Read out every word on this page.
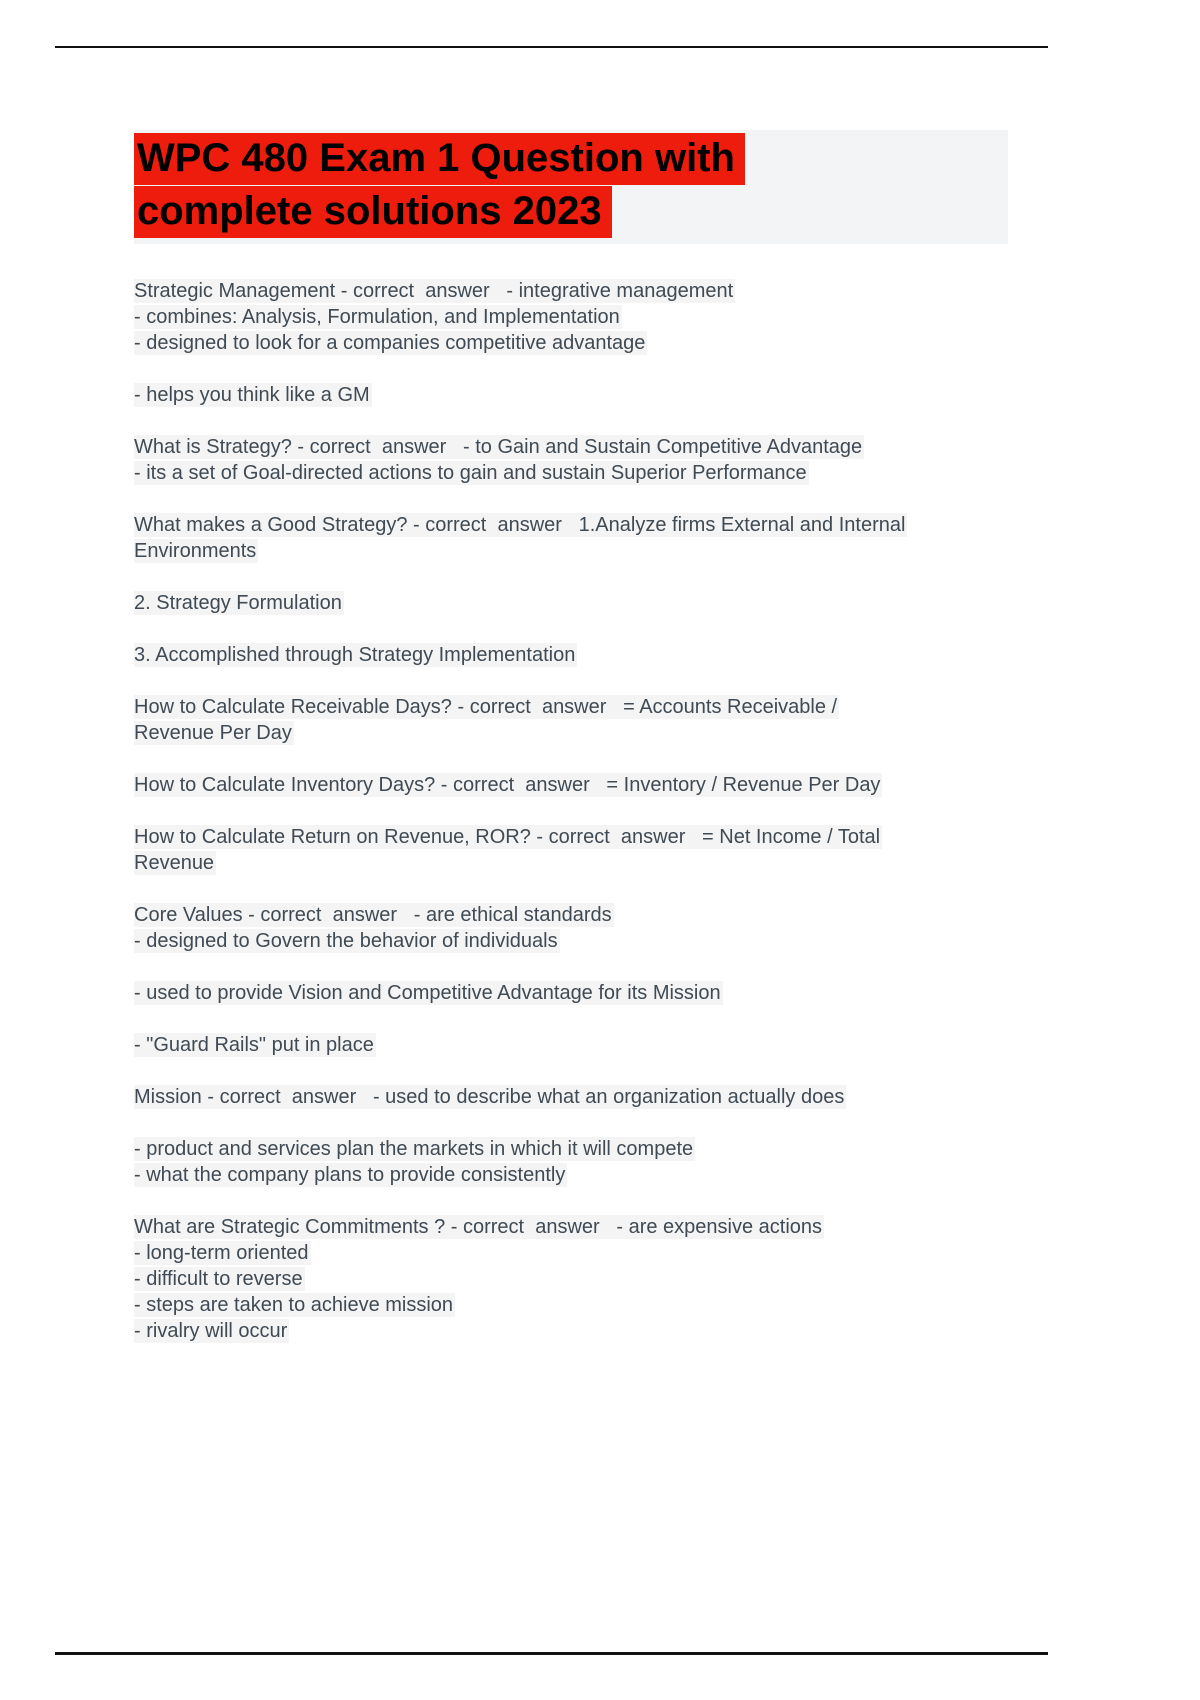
WPC 480 Exam 1 Question with
complete solutions 2023
Strategic Management - correct  answer   - integrative management
- combines: Analysis, Formulation, and Implementation
- designed to look for a companies competitive advantage
- helps you think like a GM
What is Strategy? - correct  answer   - to Gain and Sustain Competitive Advantage
- its a set of Goal-directed actions to gain and sustain Superior Performance
What makes a Good Strategy? - correct  answer   1.Analyze firms External and Internal
Environments
2. Strategy Formulation
3. Accomplished through Strategy Implementation
How to Calculate Receivable Days? - correct  answer   = Accounts Receivable /
Revenue Per Day
How to Calculate Inventory Days? - correct  answer   = Inventory / Revenue Per Day
How to Calculate Return on Revenue, ROR? - correct  answer   = Net Income / Total
Revenue
Core Values - correct  answer   - are ethical standards
- designed to Govern the behavior of individuals
- used to provide Vision and Competitive Advantage for its Mission
- "Guard Rails" put in place
Mission - correct  answer   - used to describe what an organization actually does
- product and services plan the markets in which it will compete
- what the company plans to provide consistently
What are Strategic Commitments ? - correct  answer   - are expensive actions
- long-term oriented
- difficult to reverse
- steps are taken to achieve mission
- rivalry will occur
